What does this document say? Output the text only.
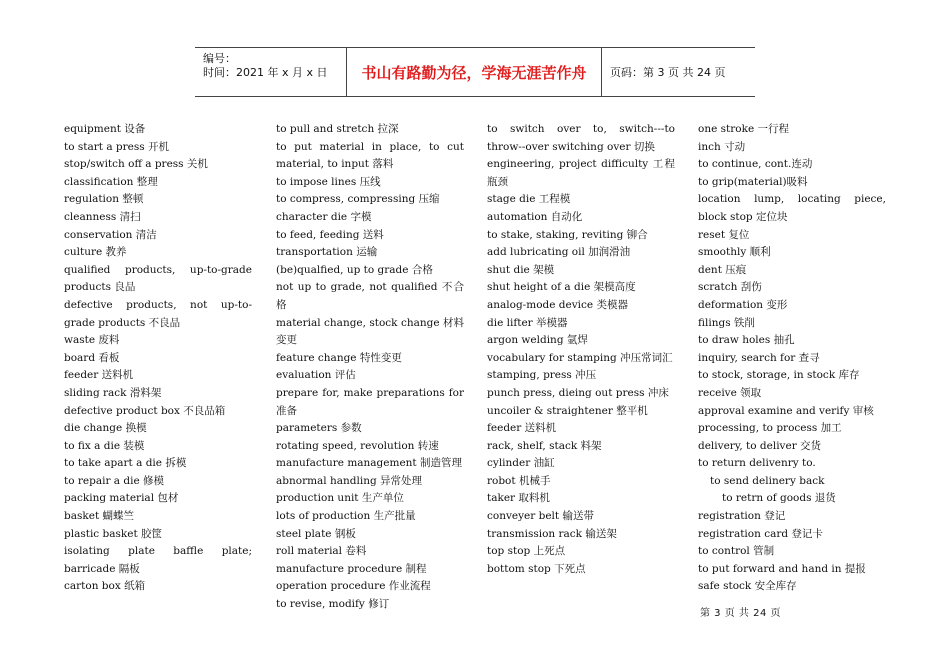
编号：
时间：2021 年 x 月 x 日	书山有路勤为径，学海无涯苦作舟	页码：第 3 页 共 24 页
equipment 设备
to start a press 开机
stop/switch off a press 关机
classification 整理
regulation 整顿
cleanness 清扫
conservation 清洁
culture 教养
qualified products, up-to-grade products 良品
defective products, not up-to-grade products 不良品
waste 废料
board 看板
feeder 送料机
sliding rack 滑料架
defective product box 不良品箱
die change 换模
to fix a die 装模
to take apart a die 拆模
to repair a die 修模
packing material 包材
basket 蝴蝶竺
plastic basket 胶筐
isolating plate baffle plate; barricade 隔板
carton box 纸箱
to pull and stretch 拉深
to put material in place, to cut material, to input 落料
to impose lines 压线
to compress, compressing 压缩
character die 字模
to feed, feeding 送料
transportation 运输
(be)qualfied, up to grade 合格
not up to grade, not qualified 不合格
material change, stock change 材料变更
feature change 特性变更
evaluation 评估
prepare for, make preparations for 准备
parameters 参数
rotating speed, revolution 转速
manufacture management 制造管理
abnormal handling 异常处理
production unit 生产单位
lots of production 生产批量
steel plate 钢板
roll material 卷料
manufacture procedure 制程
operation procedure 作业流程
to revise, modify 修订
to switch over to, switch---to throw--over switching over 切换
engineering, project difficulty 工程瓶颈
stage die 工程模
automation 自动化
to stake, staking, reviting 铆合
add lubricating oil 加润滑油
shut die 架模
shut height of a die 架模高度
analog-mode device 类模器
die lifter 举模器
argon welding 氩焊
vocabulary for stamping 冲压常词汇
stamping, press 冲压
punch press, dieing out press 冲床
uncoiler & straightener 整平机
feeder 送料机
rack, shelf, stack 料架
cylinder 油缸
robot 机械手
taker 取料机
conveyer belt 输送带
transmission rack 输送架
top stop 上死点
bottom stop 下死点
one stroke 一行程
inch 寸动
to continue, cont.连动
to grip(material)吸料
location lump, locating piece, block stop 定位块
reset 复位
smoothly 顺利
dent 压痕
scratch 刮伤
deformation 变形
filings 铁削
to draw holes 抽孔
inquiry, search for 查寻
to stock, storage, in stock 库存
receive 领取
approval examine and verify 审核
processing, to process 加工
delivery, to deliver 交货
to return delivenry to.
to send delinery back
to retrn of goods 退货
registration 登记
registration card 登记卡
to control 管制
to put forward and hand in 提报
safe stock 安全库存
第 3 页 共 24 页
